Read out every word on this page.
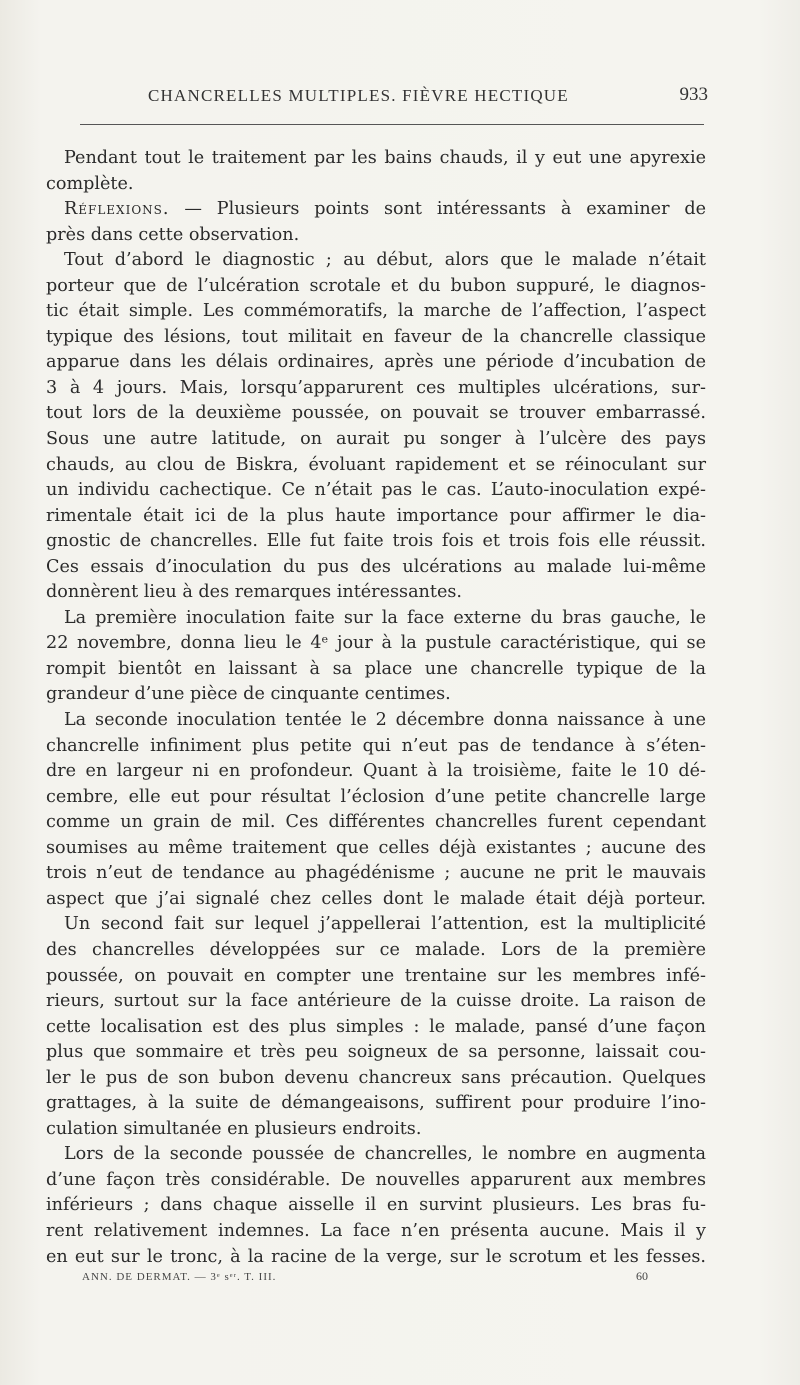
CHANCRELLES MULTIPLES. FIÈVRE HECTIQUE	933
Pendant tout le traitement par les bains chauds, il y eut une apyrexie
complète.
Réflexions. — Plusieurs points sont intéressants à examiner de
près dans cette observation.
Tout d’abord le diagnostic ; au début, alors que le malade n’était
porteur que de l’ulcération scrotale et du bubon suppuré, le diagnos-
tic était simple. Les commémoratifs, la marche de l’affection, l’aspect
typique des lésions, tout militait en faveur de la chancrelle classique
apparue dans les délais ordinaires, après une période d’incubation de
3 à 4 jours. Mais, lorsqu’apparurent ces multiples ulcérations, sur-
tout lors de la deuxième poussée, on pouvait se trouver embarrassé.
Sous une autre latitude, on aurait pu songer à l’ulcère des pays
chauds, au clou de Biskra, évoluant rapidement et se réinoculant sur
un individu cachectique. Ce n’était pas le cas. L’auto-inoculation expé-
rimentale était ici de la plus haute importance pour affirmer le dia-
gnostic de chancrelles. Elle fut faite trois fois et trois fois elle réussit.
Ces essais d’inoculation du pus des ulcérations au malade lui-même
donnèrent lieu à des remarques intéressantes.
La première inoculation faite sur la face externe du bras gauche, le
22 novembre, donna lieu le 4ᵉ jour à la pustule caractéristique, qui se
rompit bientôt en laissant à sa place une chancrelle typique de la
grandeur d’une pièce de cinquante centimes.
La seconde inoculation tentée le 2 décembre donna naissance à une
chancrelle infiniment plus petite qui n’eut pas de tendance à s’éten-
dre en largeur ni en profondeur. Quant à la troisième, faite le 10 dé-
cembre, elle eut pour résultat l’éclosion d’une petite chancrelle large
comme un grain de mil. Ces différentes chancrelles furent cependant
soumises au même traitement que celles déjà existantes ; aucune des
trois n’eut de tendance au phagédénisme ; aucune ne prit le mauvais
aspect que j’ai signalé chez celles dont le malade était déjà porteur.
Un second fait sur lequel j’appellerai l’attention, est la multiplicité
des chancrelles développées sur ce malade. Lors de la première
poussée, on pouvait en compter une trentaine sur les membres infé-
rieurs, surtout sur la face antérieure de la cuisse droite. La raison de
cette localisation est des plus simples : le malade, pansé d’une façon
plus que sommaire et très peu soigneux de sa personne, laissait cou-
ler le pus de son bubon devenu chancreux sans précaution. Quelques
grattages, à la suite de démangeaisons, suffirent pour produire l’ino-
culation simultanée en plusieurs endroits.
Lors de la seconde poussée de chancrelles, le nombre en augmenta
d’une façon très considérable. De nouvelles apparurent aux membres
inférieurs ; dans chaque aisselle il en survint plusieurs. Les bras fu-
rent relativement indemnes. La face n’en présenta aucune. Mais il y
en eut sur le tronc, à la racine de la verge, sur le scrotum et les fesses.
ANN. DE DERMAT. — 3ᵉ sᵉʳ. T. III.	60
